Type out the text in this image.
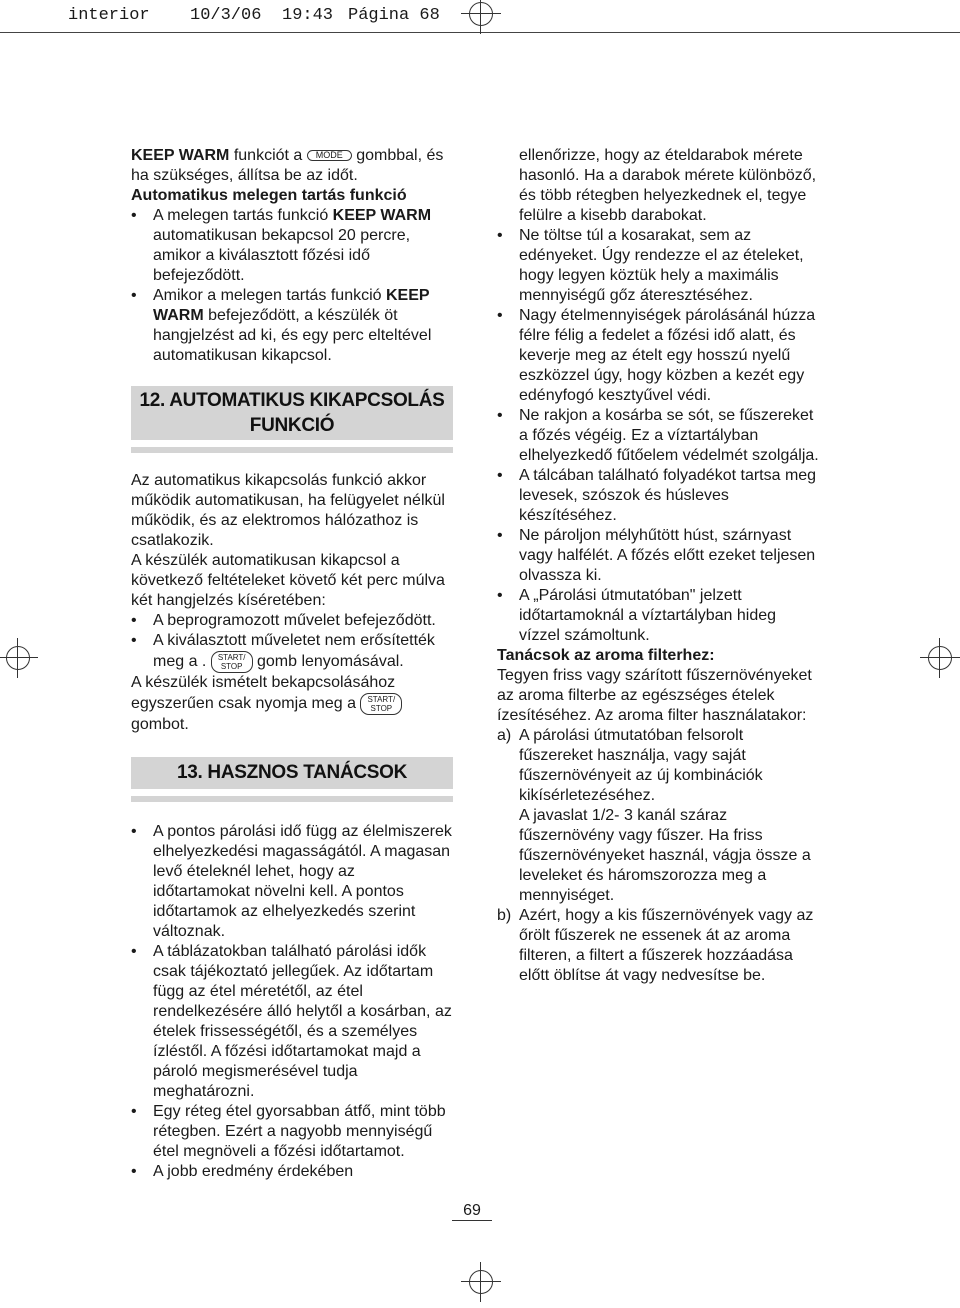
interior 10/3/06 19:43 Página 68

KEEP WARM funkciót a MODE gombbal, és ha szükséges, állítsa be az időt.

Automatikus melegen tartás funkció

• A melegen tartás funkció KEEP WARM automatikusan bekapcsol 20 percre, amikor a kiválasztott főzési idő befejeződött.

• Amikor a melegen tartás funkció KEEP WARM befejeződött, a készülék öt hangjelzést ad ki, és egy perc elteltével automatikusan kikapcsol.

12. AUTOMATIKUS KIKAPCSOLÁS
FUNKCIÓ

Az automatikus kikapcsolás funkció akkor működik automatikusan, ha felügyelet nélkül működik, és az elektromos hálózathoz is csatlakozik.

A készülék automatikusan kikapcsol a következő feltételeket követő két perc múlva két hangjelzés kíséretében:

• A beprogramozott művelet befejeződött.

• A kiválasztott műveletet nem erősítették meg a . START/
STOP gomb lenyomásával.

A készülék ismételt bekapcsolásához egyszerűen csak nyomja meg a START/
STOP gombot.

13. HASZNOS TANÁCSOK

• A pontos párolási idő függ az élelmiszerek elhelyezkedési magasságától. A magasan levő ételeknél lehet, hogy az időtartamokat növelni kell. A pontos időtartamok az elhelyezkedés szerint változnak.

• A táblázatokban található párolási idők csak tájékoztató jellegűek. Az időtartam függ az étel méretétől, az étel rendelkezésére álló helytől a kosárban, az ételek frissességétől, és a személyes ízléstől. A főzési időtartamokat majd a pároló megismerésével tudja meghatározni.

• Egy réteg étel gyorsabban átfő, mint több rétegben. Ezért a nagyobb mennyiségű étel megnöveli a főzési időtartamot.

• A jobb eredmény érdekében

ellenőrizze, hogy az ételdarabok mérete hasonló. Ha a darabok mérete különböző, és több rétegben helyezkednek el, tegye felülre a kisebb darabokat.

• Ne töltse túl a kosarakat, sem az edényeket. Úgy rendezze el az ételeket, hogy legyen köztük hely a maximális mennyiségű gőz áteresztéséhez.

• Nagy ételmennyiségek párolásánál húzza félre félig a fedelet a főzési idő alatt, és keverje meg az ételt egy hosszú nyelű eszközzel úgy, hogy közben a kezét egy edényfogó kesztyűvel védi.

• Ne rakjon a kosárba se sót, se fűszereket a főzés végéig. Ez a víztartályban elhelyezkedő fűtőelem védelmét szolgálja.

• A tálcában található folyadékot tartsa meg levesek, szószok és húsleves készítéséhez.

• Ne pároljon mélyhűtött húst, szárnyast vagy halfélét. A főzés előtt ezeket teljesen olvassza ki.

• A „Párolási útmutatóban" jelzett időtartamoknál a víztartályban hideg vízzel számoltunk.

Tanácsok az aroma filterhez:

Tegyen friss vagy szárított fűszernövényeket az aroma filterbe az egészséges ételek ízesítéséhez. Az aroma filter használatakor:

a) A párolási útmutatóban felsorolt fűszereket használja, vagy saját fűszernövényeit az új kombinációk kikísérletezéséhez.

A javaslat 1/2- 3 kanál száraz fűszernövény vagy fűszer. Ha friss fűszernövényeket használ, vágja össze a leveleket és háromszorozza meg a mennyiséget.

b) Azért, hogy a kis fűszernövények vagy az őrölt fűszerek ne essenek át az aroma filteren, a filtert a fűszerek hozzáadása előtt öblítse át vagy nedvesítse be.

69
